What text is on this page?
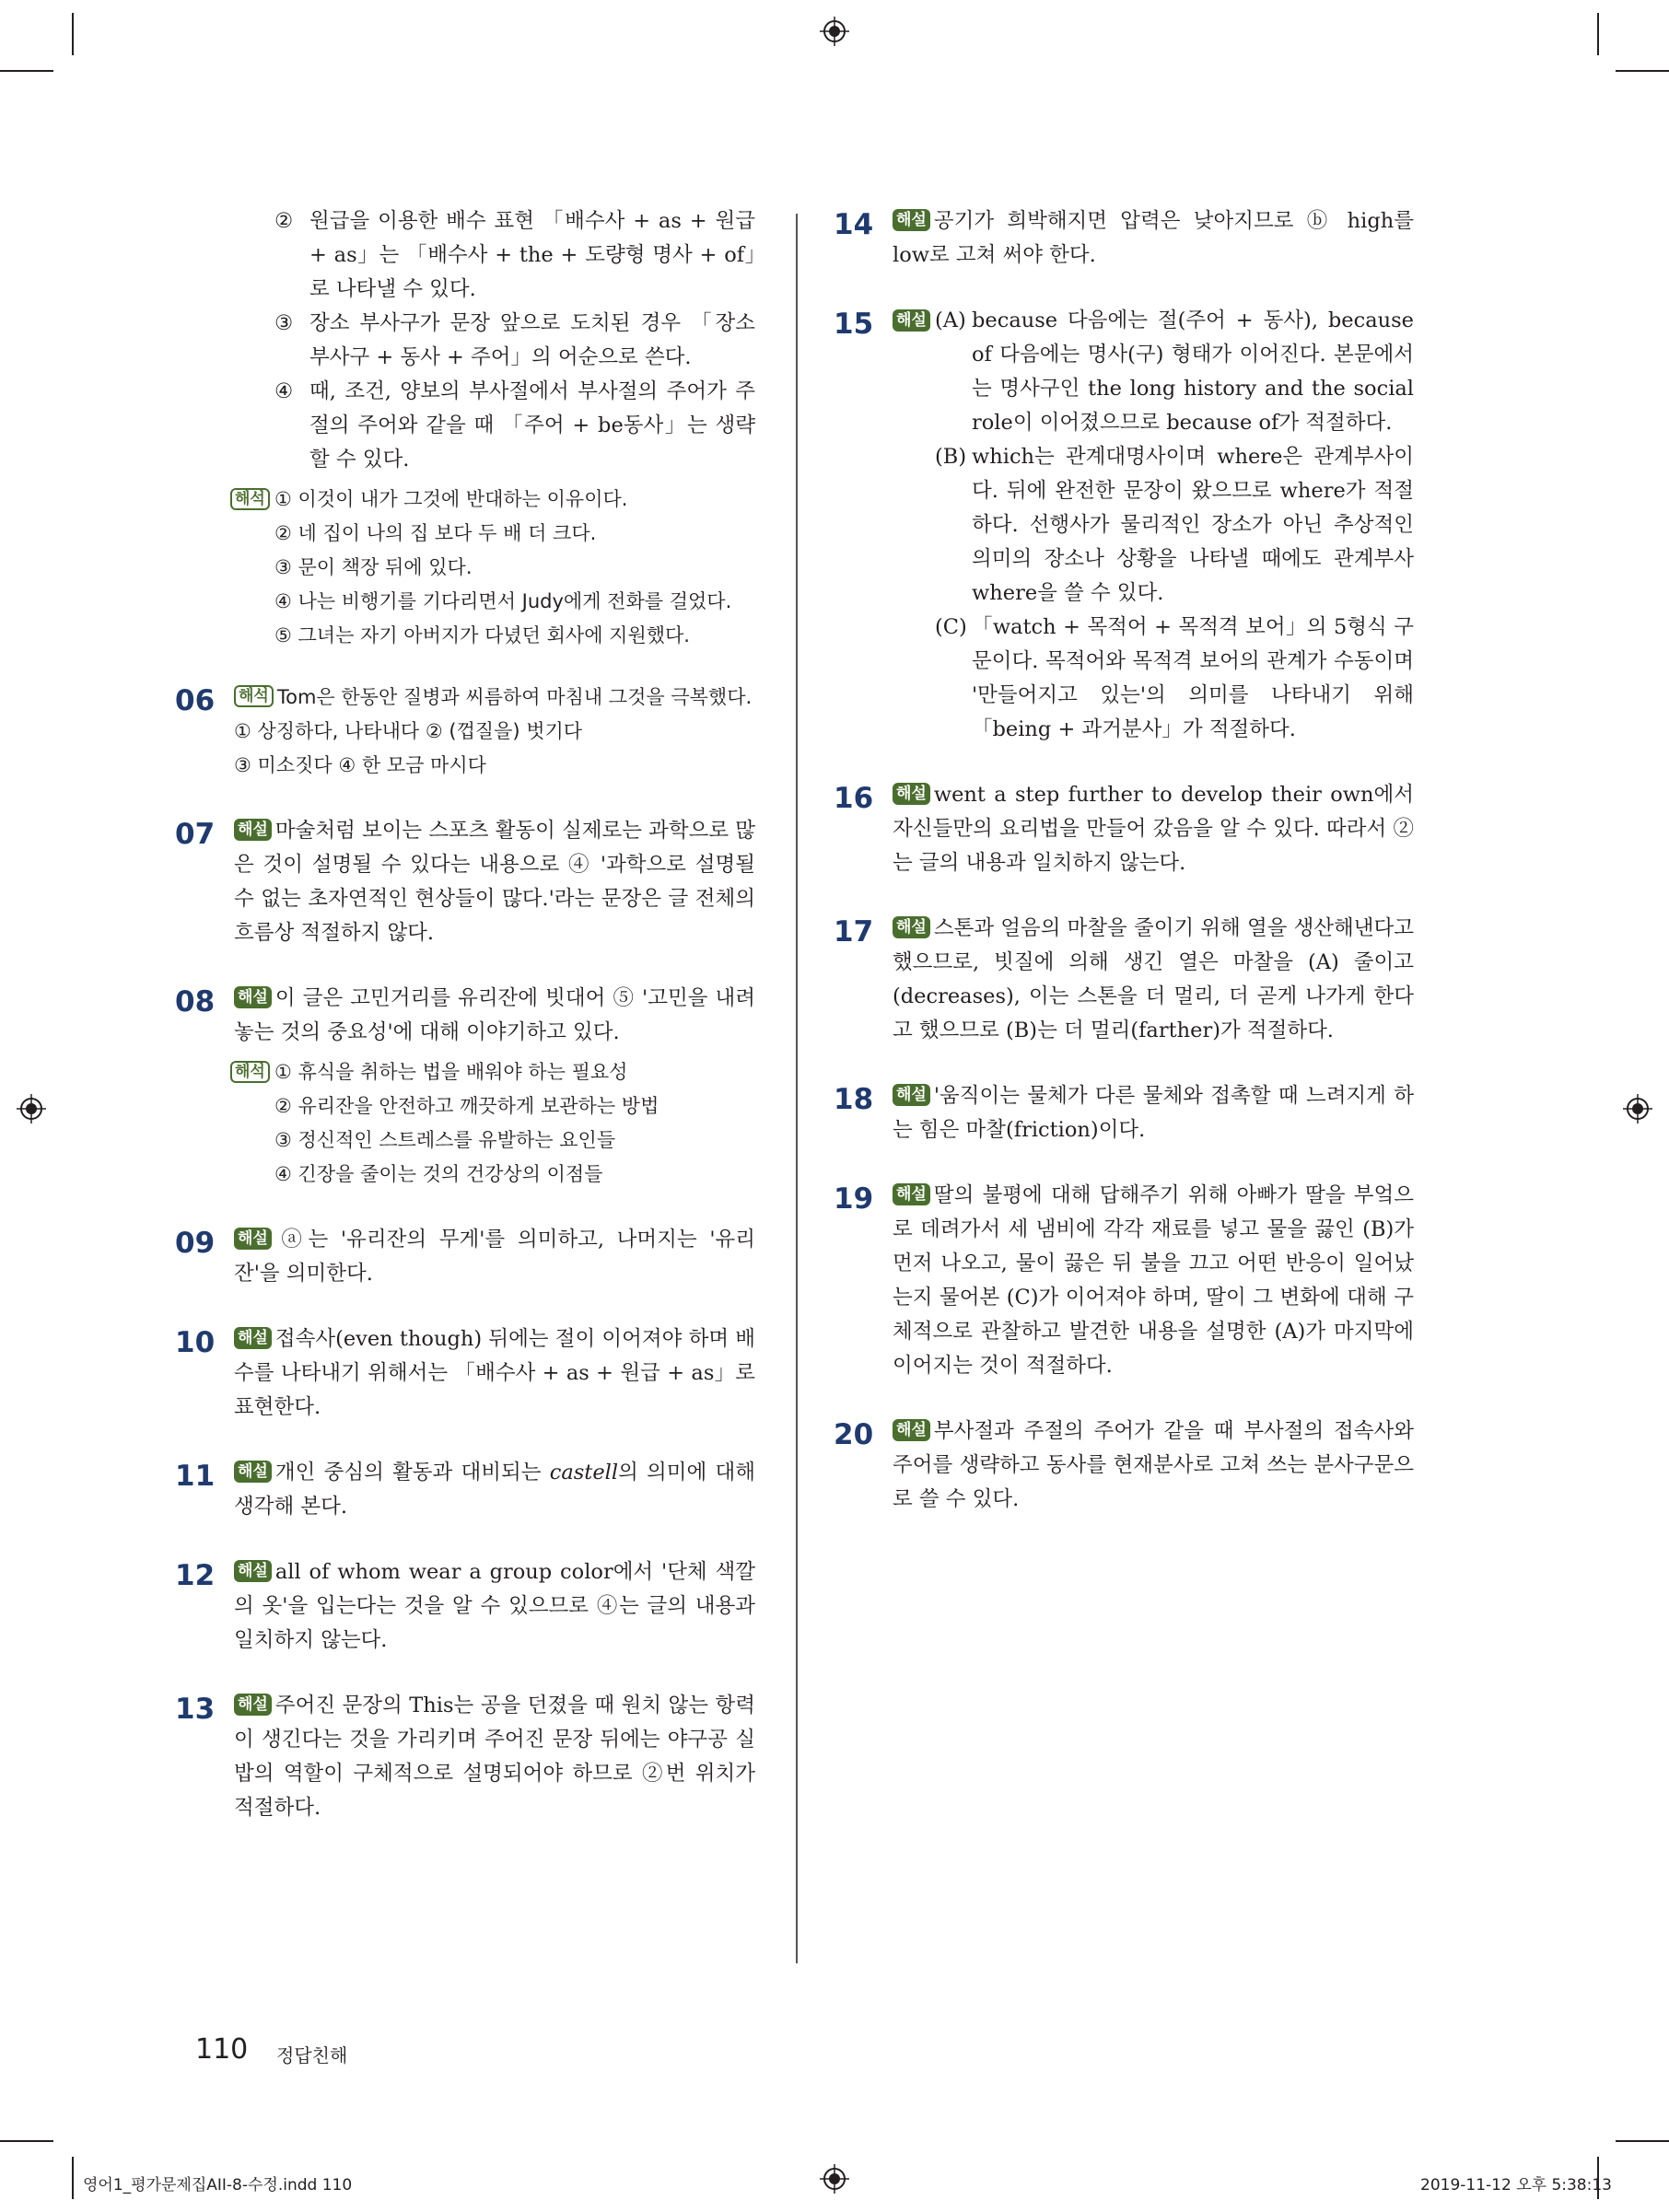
② 원급을 이용한 배수 표현 「배수사 + as + 원급 + as」는 「배수사 + the + 도량형 명사 + of」로 나타낼 수 있다.
③ 장소 부사구가 문장 앞으로 도치된 경우 「장소 부사구 + 동사 + 주어」의 어순으로 쓴다.
④ 때, 조건, 양보의 부사절에서 부사절의 주어가 주절의 주어와 같을 때 「주어 + be동사」는 생략할 수 있다.
해석 ① 이것이 내가 그것에 반대하는 이유이다.
② 네 집이 나의 집 보다 두 배 더 크다.
③ 문이 책장 뒤에 있다.
④ 나는 비행기를 기다리면서 Judy에게 전화를 걸었다.
⑤ 그녀는 자기 아버지가 다녔던 회사에 지원했다.
06	해석 Tom은 한동안 질병과 씨름하여 마침내 그것을 극복했다.
① 상징하다, 나타내다 ② (껍질을) 벗기다
③ 미소짓다 ④ 한 모금 마시다
07	해설 마술처럼 보이는 스포츠 활동이 실제로는 과학으로 많은 것이 설명될 수 있다는 내용으로 ④ '과학으로 설명될 수 없는 초자연적인 현상들이 많다.'라는 문장은 글 전체의 흐름상 적절하지 않다.
08	해설 이 글은 고민거리를 유리잔에 빗대어 ⑤ '고민을 내려놓는 것의 중요성'에 대해 이야기하고 있다.
해석 ① 휴식을 취하는 법을 배워야 하는 필요성
② 유리잔을 안전하고 깨끗하게 보관하는 방법
③ 정신적인 스트레스를 유발하는 요인들
④ 긴장을 줄이는 것의 건강상의 이점들
09	해설 ⓐ는 '유리잔의 무게'를 의미하고, 나머지는 '유리잔'을 의미한다.
10	해설 접속사(even though) 뒤에는 절이 이어져야 하며 배수를 나타내기 위해서는 「배수사 + as + 원급 + as」로 표현한다.
11	해설 개인 중심의 활동과 대비되는 castell의 의미에 대해 생각해 본다.
12	해설 all of whom wear a group color에서 '단체 색깔의 옷'을 입는다는 것을 알 수 있으므로 ④는 글의 내용과 일치하지 않는다.
13	해설 주어진 문장의 This는 공을 던졌을 때 원치 않는 항력이 생긴다는 것을 가리키며 주어진 문장 뒤에는 야구공 실밥의 역할이 구체적으로 설명되어야 하므로 ②번 위치가 적절하다.
14	해설 공기가 희박해지면 압력은 낮아지므로 ⓑ high를 low로 고쳐 써야 한다.
15	해설 (A) because 다음에는 절(주어 + 동사), because of 다음에는 명사(구) 형태가 이어진다. 본문에서는 명사구인 the long history and the social role이 이어졌으므로 because of가 적절하다.
(B) which는 관계대명사이며 where은 관계부사이다. 뒤에 완전한 문장이 왔으므로 where가 적절하다. 선행사가 물리적인 장소가 아닌 추상적인 의미의 장소나 상황을 나타낼 때에도 관계부사 where을 쓸 수 있다.
(C) 「watch + 목적어 + 목적격 보어」의 5형식 구문이다. 목적어와 목적격 보어의 관계가 수동이며 '만들어지고 있는'의 의미를 나타내기 위해 「being + 과거분사」가 적절하다.
16	해설 went a step further to develop their own에서 자신들만의 요리법을 만들어 갔음을 알 수 있다. 따라서 ②는 글의 내용과 일치하지 않는다.
17	해설 스톤과 얼음의 마찰을 줄이기 위해 열을 생산해낸다고 했으므로, 빗질에 의해 생긴 열은 마찰을 (A) 줄이고(decreases), 이는 스톤을 더 멀리, 더 곧게 나가게 한다고 했으므로 (B)는 더 멀리(farther)가 적절하다.
18	해설 '움직이는 물체가 다른 물체와 접촉할 때 느려지게 하는 힘은 마찰(friction)이다.
19	해설 딸의 불평에 대해 답해주기 위해 아빠가 딸을 부엌으로 데려가서 세 냄비에 각각 재료를 넣고 물을 끓인 (B)가 먼저 나오고, 물이 끓은 뒤 불을 끄고 어떤 반응이 일어났는지 물어본 (C)가 이어져야 하며, 딸이 그 변화에 대해 구체적으로 관찰하고 발견한 내용을 설명한 (A)가 마지막에 이어지는 것이 적절하다.
20	해설 부사절과 주절의 주어가 같을 때 부사절의 접속사와 주어를 생략하고 동사를 현재분사로 고쳐 쓰는 분사구문으로 쓸 수 있다.
110 정답친해
영어1_평가문제집AII-8-수정.indd 110	2019-11-12 오후 5:38:13
